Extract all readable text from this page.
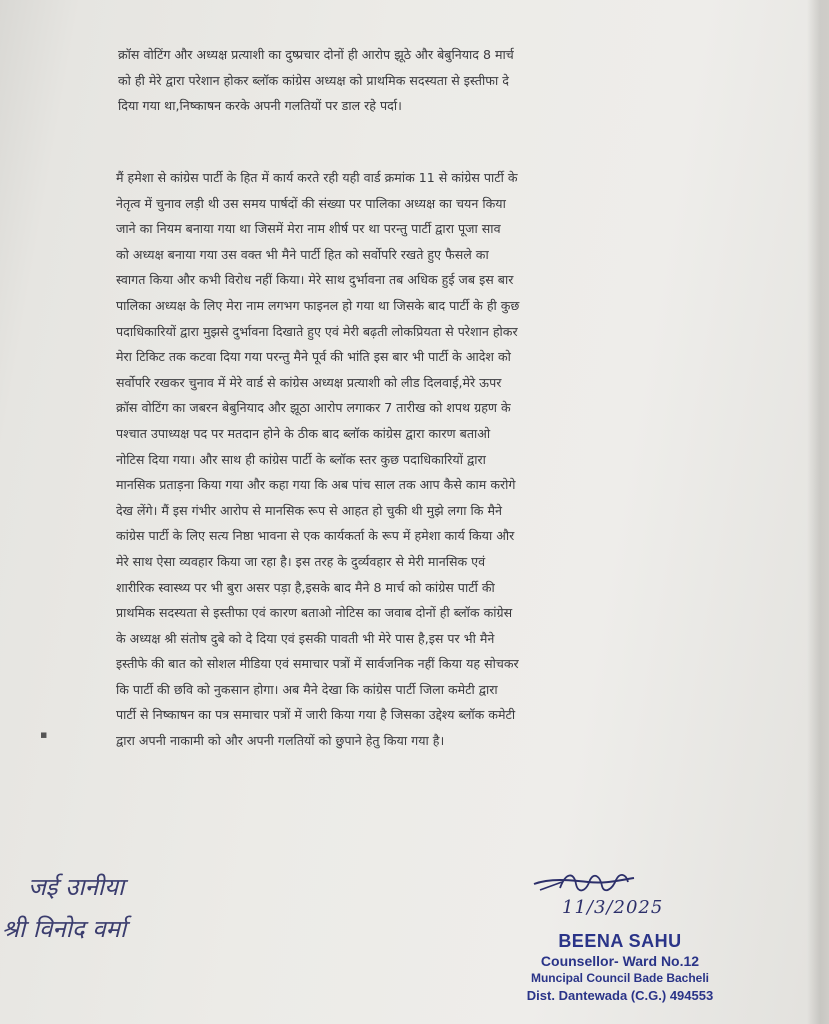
क्रॉस वोटिंग और अध्यक्ष प्रत्याशी का दुष्प्रचार दोनों ही आरोप झूठे और बेबुनियाद 8 मार्च
को ही मेरे द्वारा परेशान होकर ब्लॉक कांग्रेस अध्यक्ष को प्राथमिक सदस्यता से इस्तीफा दे
दिया गया था,निष्काषन करके अपनी गलतियों पर डाल रहे पर्दा।

मैं हमेशा से कांग्रेस पार्टी के हित में कार्य करते रही यही वार्ड क्रमांक 11 से कांग्रेस पार्टी के
नेतृत्व में चुनाव लड़ी थी उस समय पार्षदों की संख्या पर पालिका अध्यक्ष का चयन किया
जाने का नियम बनाया गया था जिसमें मेरा नाम शीर्ष पर था परन्तु पार्टी द्वारा पूजा साव
को अध्यक्ष बनाया गया उस वक्त भी मैने पार्टी हित को सर्वोपरि रखते हुए फैसले का
स्वागत किया और कभी विरोध नहीं किया। मेरे साथ दुर्भावना तब अधिक हुई जब इस बार
पालिका अध्यक्ष के लिए मेरा नाम लगभग फाइनल हो गया था जिसके बाद पार्टी के ही कुछ
पदाधिकारियों द्वारा मुझसे दुर्भावना दिखाते हुए एवं मेरी बढ़ती लोकप्रियता से परेशान होकर
मेरा टिकिट तक कटवा दिया गया परन्तु मैने पूर्व की भांति इस बार भी पार्टी के आदेश को
सर्वोपरि रखकर चुनाव में मेरे वार्ड से कांग्रेस अध्यक्ष प्रत्याशी को लीड दिलवाई,मेरे ऊपर
क्रॉस वोटिंग का जबरन बेबुनियाद और झूठा आरोप लगाकर 7 तारीख को शपथ ग्रहण के
पश्चात उपाध्यक्ष पद पर मतदान होने के ठीक बाद ब्लॉक कांग्रेस द्वारा कारण बताओ
नोटिस दिया गया। और साथ ही कांग्रेस पार्टी के ब्लॉक स्तर कुछ पदाधिकारियों द्वारा
मानसिक प्रताड़ना किया गया और कहा गया कि अब पांच साल तक आप कैसे काम करोगे
देख लेंगे। मैं इस गंभीर आरोप से मानसिक रूप से आहत हो चुकी थी मुझे लगा कि मैने
कांग्रेस पार्टी के लिए सत्य निष्ठा भावना से एक कार्यकर्ता के रूप में हमेशा कार्य किया और
मेरे साथ ऐसा व्यवहार किया जा रहा है। इस तरह के दुर्व्यवहार से मेरी मानसिक एवं
शारीरिक स्वास्थ्य पर भी बुरा असर पड़ा है,इसके बाद मैने 8 मार्च को कांग्रेस पार्टी की
प्राथमिक सदस्यता से इस्तीफा एवं कारण बताओ नोटिस का जवाब दोनों ही ब्लॉक कांग्रेस
के अध्यक्ष श्री संतोष दुबे को दे दिया एवं इसकी पावती भी मेरे पास है,इस पर भी मैने
इस्तीफे की बात को सोशल मीडिया एवं समाचार पत्रों में सार्वजनिक नहीं किया यह सोचकर
कि पार्टी की छवि को नुकसान होगा। अब मैने देखा कि कांग्रेस पार्टी जिला कमेटी द्वारा
पार्टी से निष्काषन का पत्र समाचार पत्रों में जारी किया गया है जिसका उद्देश्य ब्लॉक कमेटी
द्वारा अपनी नाकामी को और अपनी गलतियों को छुपाने हेतु किया गया है।

▪
जई उानीया
श्री विनोद वर्मा
11/3/2025
BEENA SAHU
Counsellor- Ward No.12
Muncipal Council Bade Bacheli
Dist. Dantewada (C.G.) 494553
